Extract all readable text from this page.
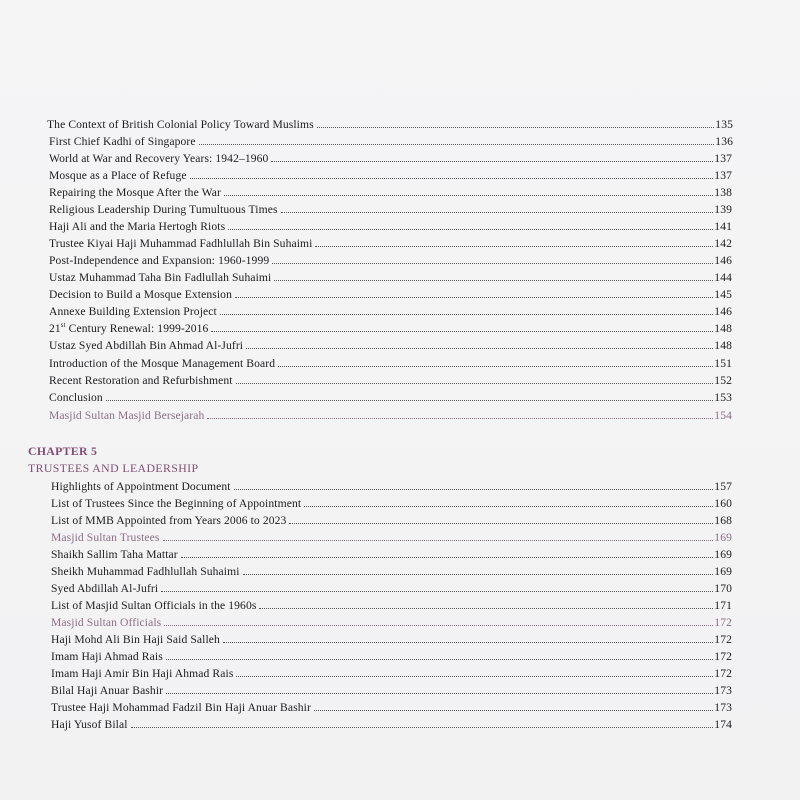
The Context of British Colonial Policy Toward Muslims	135
First Chief Kadhi of Singapore	136
World at War and Recovery Years: 1942–1960	137
Mosque as a Place of Refuge	137
Repairing the Mosque After the War	138
Religious Leadership During Tumultuous Times	139
Haji Ali and the Maria Hertogh Riots	141
Trustee Kiyai Haji Muhammad Fadhlullah Bin Suhaimi	142
Post-Independence and Expansion: 1960-1999	146
Ustaz Muhammad Taha Bin Fadlullah Suhaimi	144
Decision to Build a Mosque Extension	145
Annexe Building Extension Project	146
21st Century Renewal: 1999-2016	148
Ustaz Syed Abdillah Bin Ahmad Al-Jufri	148
Introduction of the Mosque Management Board	151
Recent Restoration and Refurbishment	152
Conclusion	153
Masjid Sultan Masjid Bersejarah	154
CHAPTER 5
TRUSTEES AND LEADERSHIP
Highlights of Appointment Document	157
List of Trustees Since the Beginning of Appointment	160
List of MMB Appointed from Years 2006 to 2023	168
Masjid Sultan Trustees	169
Shaikh Sallim Taha Mattar	169
Sheikh Muhammad Fadhlullah Suhaimi	169
Syed Abdillah Al-Jufri	170
List of Masjid Sultan Officials in the 1960s	171
Masjid Sultan Officials	172
Haji Mohd Ali Bin Haji Said Salleh	172
Imam Haji Ahmad Rais	172
Imam Haji Amir Bin Haji Ahmad Rais	172
Bilal Haji Anuar Bashir	173
Trustee Haji Mohammad Fadzil Bin Haji Anuar Bashir	173
Haji Yusof Bilal	174
